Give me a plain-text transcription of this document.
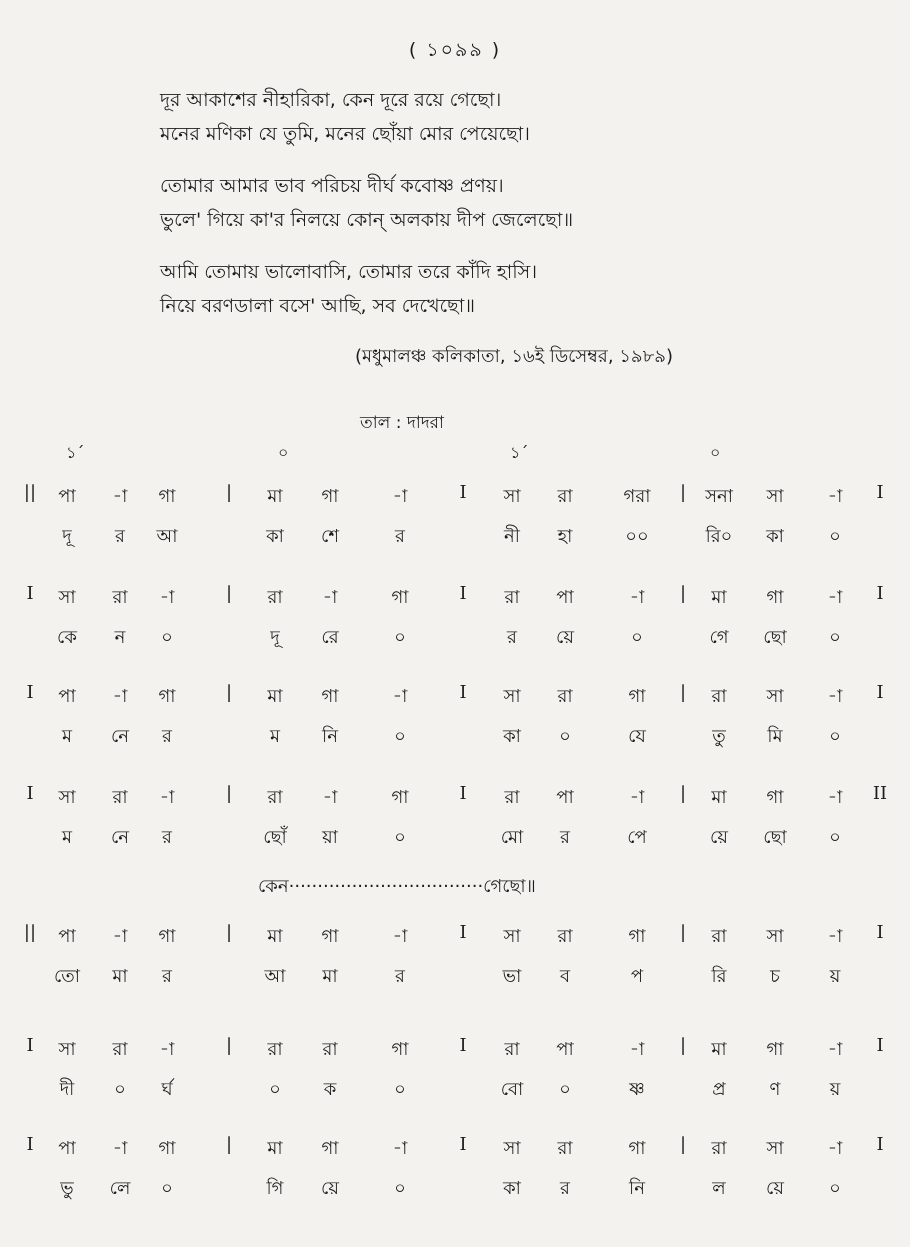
( ১০৯৯ )
দূর আকাশের নীহারিকা, কেন দূরে রয়ে গেছো।
মনের মণিকা যে তুমি, মনের ছোঁয়া মোর পেয়েছো।
তোমার আমার ভাব পরিচয় দীর্ঘ কবোষ্ণ প্রণয়।
ভুলে' গিয়ে কা'র নিলয়ে কোন্ অলকায় দীপ জেলেছো॥
আমি তোমায় ভালোবাসি, তোমার তরে কাঁদি হাসি।
নিয়ে বরণডালা বসে' আছি, সব দেখেছো॥
(মধুমালঞ্চ কলিকাতা, ১৬ই ডিসেম্বর, ১৯৮৯)
তাল : দাদরা
১´	০	১´	০
||	পা	-া	গা	|	মা	গা	-া	I	সা	রা	গরা	|	সনা	সা	-া	I
দূ	র	আ	কা	শে	র	নী	হা	০০	রি০	কা	০
I	সা	রা	-া	|	রা	-া	গা	I	রা	পা	-া	|	মা	গা	-া	I
কে	ন	০	দূ	রে	০	র	য়ে	০	গে	ছো	০
I	পা	-া	গা	|	মা	গা	-া	I	সা	রা	গা	|	রা	সা	-া	I
ম	নে	র	ম	নি	০	কা	০	যে	তু	মি	০
I	সা	রা	-া	|	রা	-া	গা	I	রা	পা	-া	|	মা	গা	-া	II
ম	নে	র	ছোঁ	য়া	০	মো	র	পে	য়ে	ছো	০
||	পা	-া	গা	|	মা	গা	-া	I	সা	রা	গা	|	রা	সা	-া	I
তো	মা	র	আ	মা	র	ভা	ব	প	রি	চ	য়
I	সা	রা	-া	|	রা	রা	গা	I	রা	পা	-া	|	মা	গা	-া	I
দী	০	র্ঘ	০	ক	০	বো	০	ষ্ণ	প্র	ণ	য়
I	পা	-া	গা	|	মা	গা	-া	I	সা	রা	গা	|	রা	সা	-া	I
ভু	লে	০	গি	য়ে	০	কা	র	নি	ল	য়ে	০
কেন··································গেছো॥
